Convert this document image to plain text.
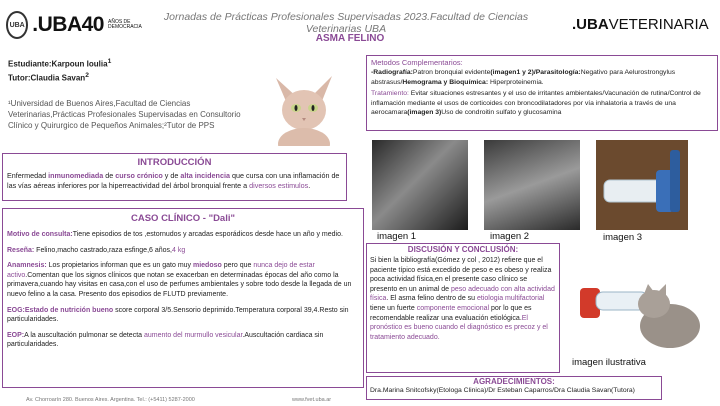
UBA .UBA40 AÑOS DE DEMOCRACIA
Jornadas de Prácticas Profesionales Supervisadas 2023.Facultad de Ciencias Veterinarias UBA
ASMA FELINO
.UBAVETERINARIA
Estudiante:Karpoun Ioulia$^1$
Tutor:Claudia Savan$^2$
¹Universidad de Buenos Aires,Facultad de Ciencias Veterinarias,Prácticas Profesionales Supervisadas en Consultorio Clínico y Quirurgico de Pequeños Animales;²Tutor de PPS
INTRODUCCIÓN
Enfermedad inmunomediada de curso crónico y de alta incidencia que cursa con una inflamación de las vías aéreas inferiores por la hiperreactividad del árbol bronquial frente a diversos estimulos.
CASO CLÍNICO - "Dali"
Motivo de consulta:Tiene episodios de tos ,estornudos y arcadas esporádicos desde hace un año y medio.
Reseña: Felino,macho castrado,raza esfinge,6 años,4 kg
Anamnesis: Los propietarios informan que es un gato muy miedoso pero que nunca dejo de estar activo.Comentan que los signos clínicos que notan se exacerban en determinadas épocas del año como la primavera,cuando hay visitas en casa,con el uso de perfumes ambientales y sobre todo desde la llegada de un nuevo felino a la casa. Presento dos episodios de FLUTD previamente.
EOG:Estado de nutrición bueno score corporal 3/5.Sensorio deprimido.Temperatura corporal 39,4.Resto sin particularidades.
EOP:A la auscultación pulmonar se detecta aumento del murmullo vesicular.Auscultación cardiaca sin particularidades.
Av. Chorroarín 280. Buenos Aires. Argentina. Tel.: (+5411) 5287-2000	www.fvet.uba.ar
Metodos Complementarios:
-Radiografía:Patron bronquial evidente(imagen1 y 2)/Parasitología:Negativo para Aelurostrongylus abstrasus/Hemograma y Bioquímica: Hiperproteinemia.
Tratamiento: Evitar situaciones estresantes y el uso de irritantes ambientales/Vacunación de rutina/Control de inflamación mediante el usos de corticoides con broncodilatadores por vía inhalatoria a través de una aerocamara(imagen 3)Uso de condroitin sulfato y glucosamina
imagen 1	imagen 2	imagen 3
DISCUSIÓN Y CONCLUSIÓN:
Si bien la bibliografía(Gómez y col , 2012) refiere que el paciente típico está excedido de peso e es obeso y realiza poca actividad física,en el presente caso clínico se presento en un animal de peso adecuado con alta actividad física. El asma felino dentro de su etiologia multifactorial tiene un fuerte componente emocional por lo que es recomendable realizar una evaluación etiológica.El pronóstico es bueno cuando el diagnóstico es precoz y el tratamiento adecuado.
imagen ilustrativa
AGRADECIMIENTOS:
Dra.Marina Snitcofsky(Etologa Clinica)/Dr Esteban Caparros/Dra Claudia Savan(Tutora)
